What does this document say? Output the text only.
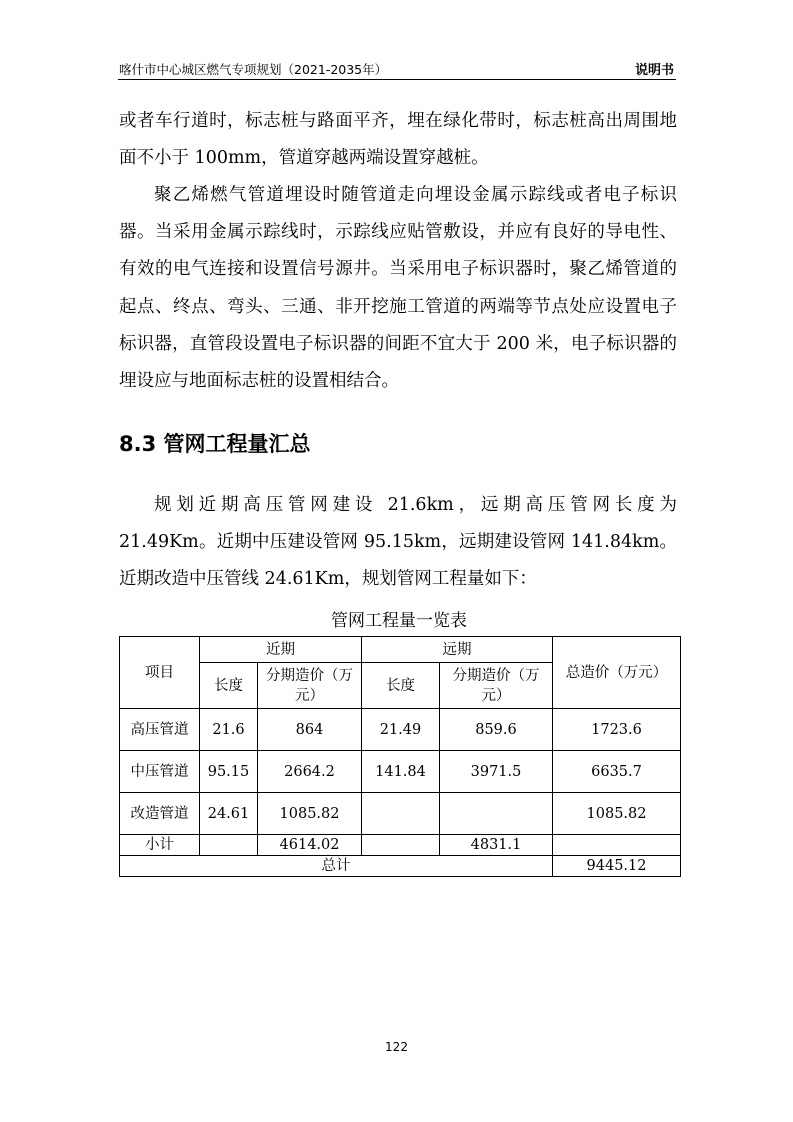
喀什市中心城区燃气专项规划（2021-2035年）	说明书

或者车行道时，标志桩与路面平齐，埋在绿化带时，标志桩高出周围地面不小于 100mm，管道穿越两端设置穿越桩。

聚乙烯燃气管道埋设时随管道走向埋设金属示踪线或者电子标识器。当采用金属示踪线时，示踪线应贴管敷设，并应有良好的导电性、有效的电气连接和设置信号源井。当采用电子标识器时，聚乙烯管道的起点、终点、弯头、三通、非开挖施工管道的两端等节点处应设置电子标识器，直管段设置电子标识器的间距不宜大于 200 米，电子标识器的埋设应与地面标志桩的设置相结合。

8.3 管网工程量汇总

规划近期高压管网建设 21.6km，远期高压管网长度为 21.49Km。近期中压建设管网 95.15km，远期建设管网 141.84km。近期改造中压管线 24.61Km，规划管网工程量如下：

管网工程量一览表
项目	近期		远期		总造价（万元）
	长度	分期造价（万元）	长度	分期造价（万元）	
高压管道	21.6	864	21.49	859.6	1723.6
中压管道	95.15	2664.2	141.84	3971.5	6635.7
改造管道	24.61	1085.82			1085.82
小计		4614.02		4831.1	
总计					9445.12
122
